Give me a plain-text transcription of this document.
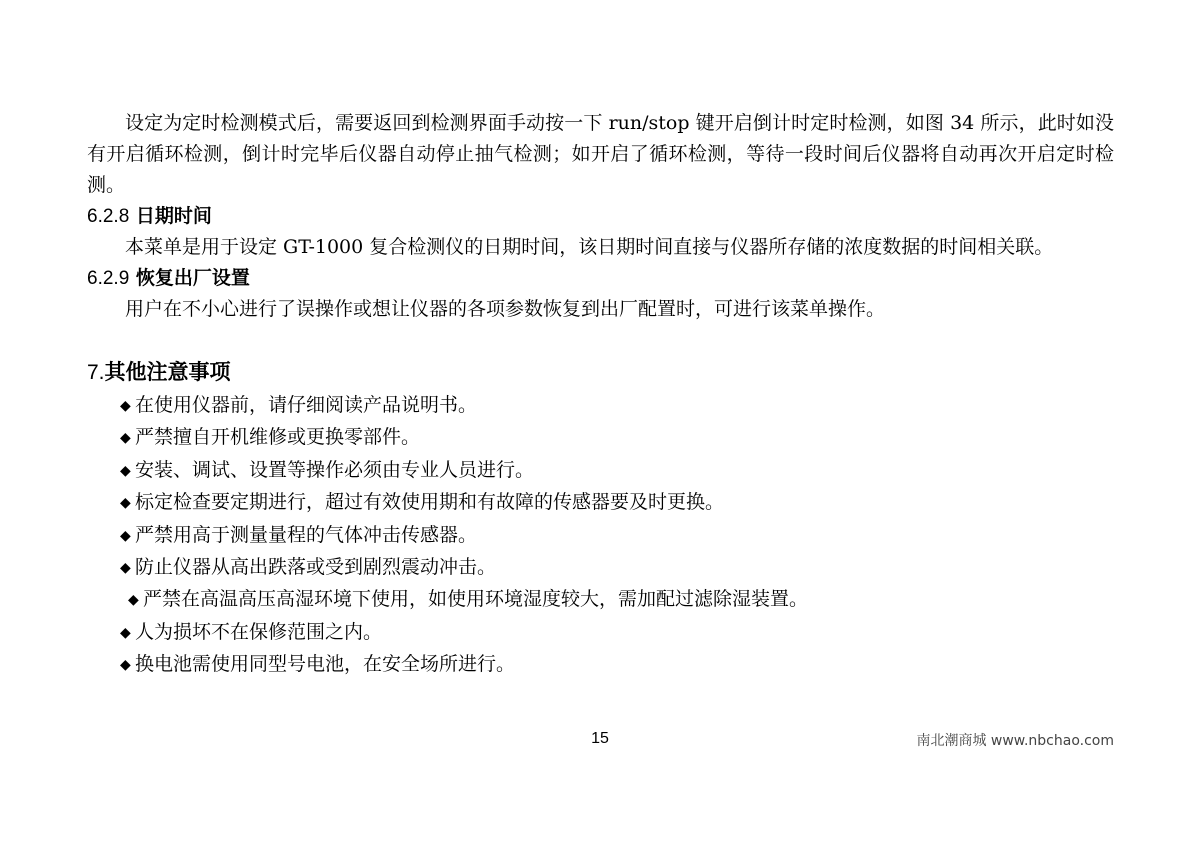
设定为定时检测模式后，需要返回到检测界面手动按一下 run/stop 键开启倒计时定时检测，如图 34 所示，此时如没有开启循环检测，倒计时完毕后仪器自动停止抽气检测；如开启了循环检测，等待一段时间后仪器将自动再次开启定时检测。

6.2.8 日期时间

本菜单是用于设定 GT-1000 复合检测仪的日期时间，该日期时间直接与仪器所存储的浓度数据的时间相关联。

6.2.9 恢复出厂设置

用户在不小心进行了误操作或想让仪器的各项参数恢复到出厂配置时，可进行该菜单操作。

7.其他注意事项

◆ 在使用仪器前，请仔细阅读产品说明书。
◆ 严禁擅自开机维修或更换零部件。
◆ 安装、调试、设置等操作必须由专业人员进行。
◆ 标定检查要定期进行，超过有效使用期和有故障的传感器要及时更换。
◆ 严禁用高于测量量程的气体冲击传感器。
◆ 防止仪器从高出跌落或受到剧烈震动冲击。
◆ 严禁在高温高压高湿环境下使用，如使用环境湿度较大，需加配过滤除湿装置。
◆ 人为损坏不在保修范围之内。
◆ 换电池需使用同型号电池，在安全场所进行。
15	南北潮商城 www.nbchao.com
